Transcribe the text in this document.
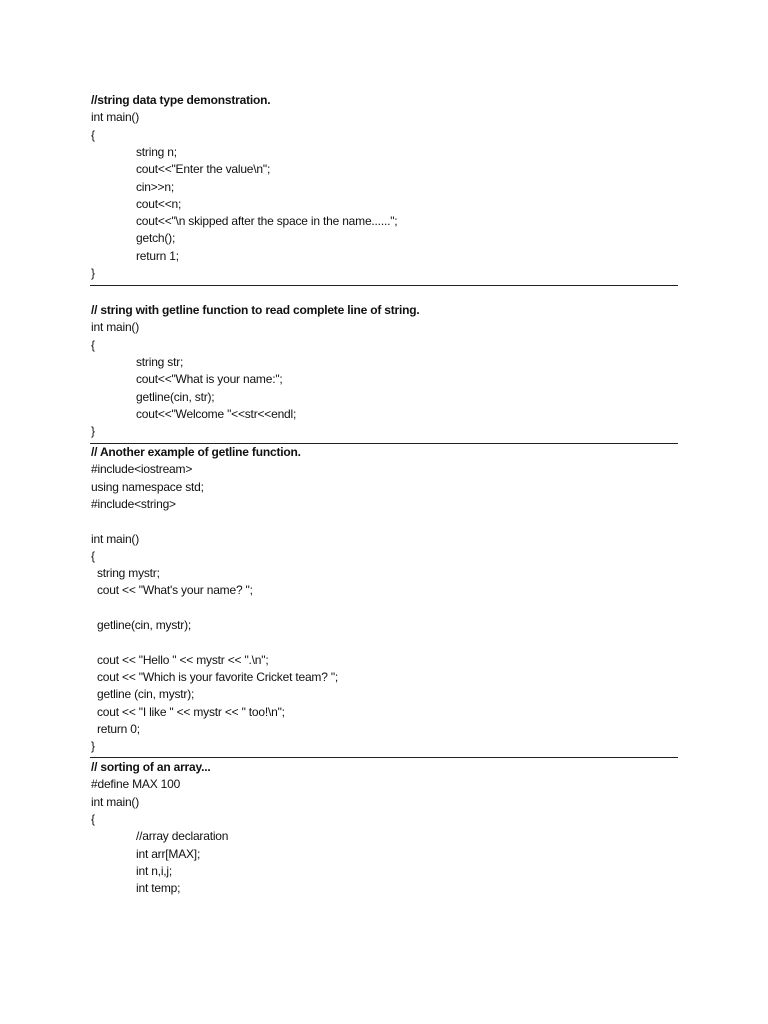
//string data type demonstration.
int main()
{
string n;
cout<<"Enter the value\n";
cin>>n;
cout<<n;
cout<<"\n skipped after the space in the name......";
getch();
return 1;
}
// string with getline function to read complete line of string.
int main()
{
string str;
cout<<"What is your name:";
getline(cin, str);
cout<<"Welcome "<<str<<endl;
}
// Another example of getline function.
#include<iostream>
using namespace std;
#include<string>
int main()
{
string mystr;
cout << "What's your name? ";
getline(cin, mystr);
cout << "Hello " << mystr << ".\n";
cout << "Which is your favorite Cricket team? ";
getline (cin, mystr);
cout << "I like " << mystr << " too!\n";
return 0;
}
// sorting of an array...
#define MAX 100
int main()
{
//array declaration
int arr[MAX];
int n,i,j;
int temp;
